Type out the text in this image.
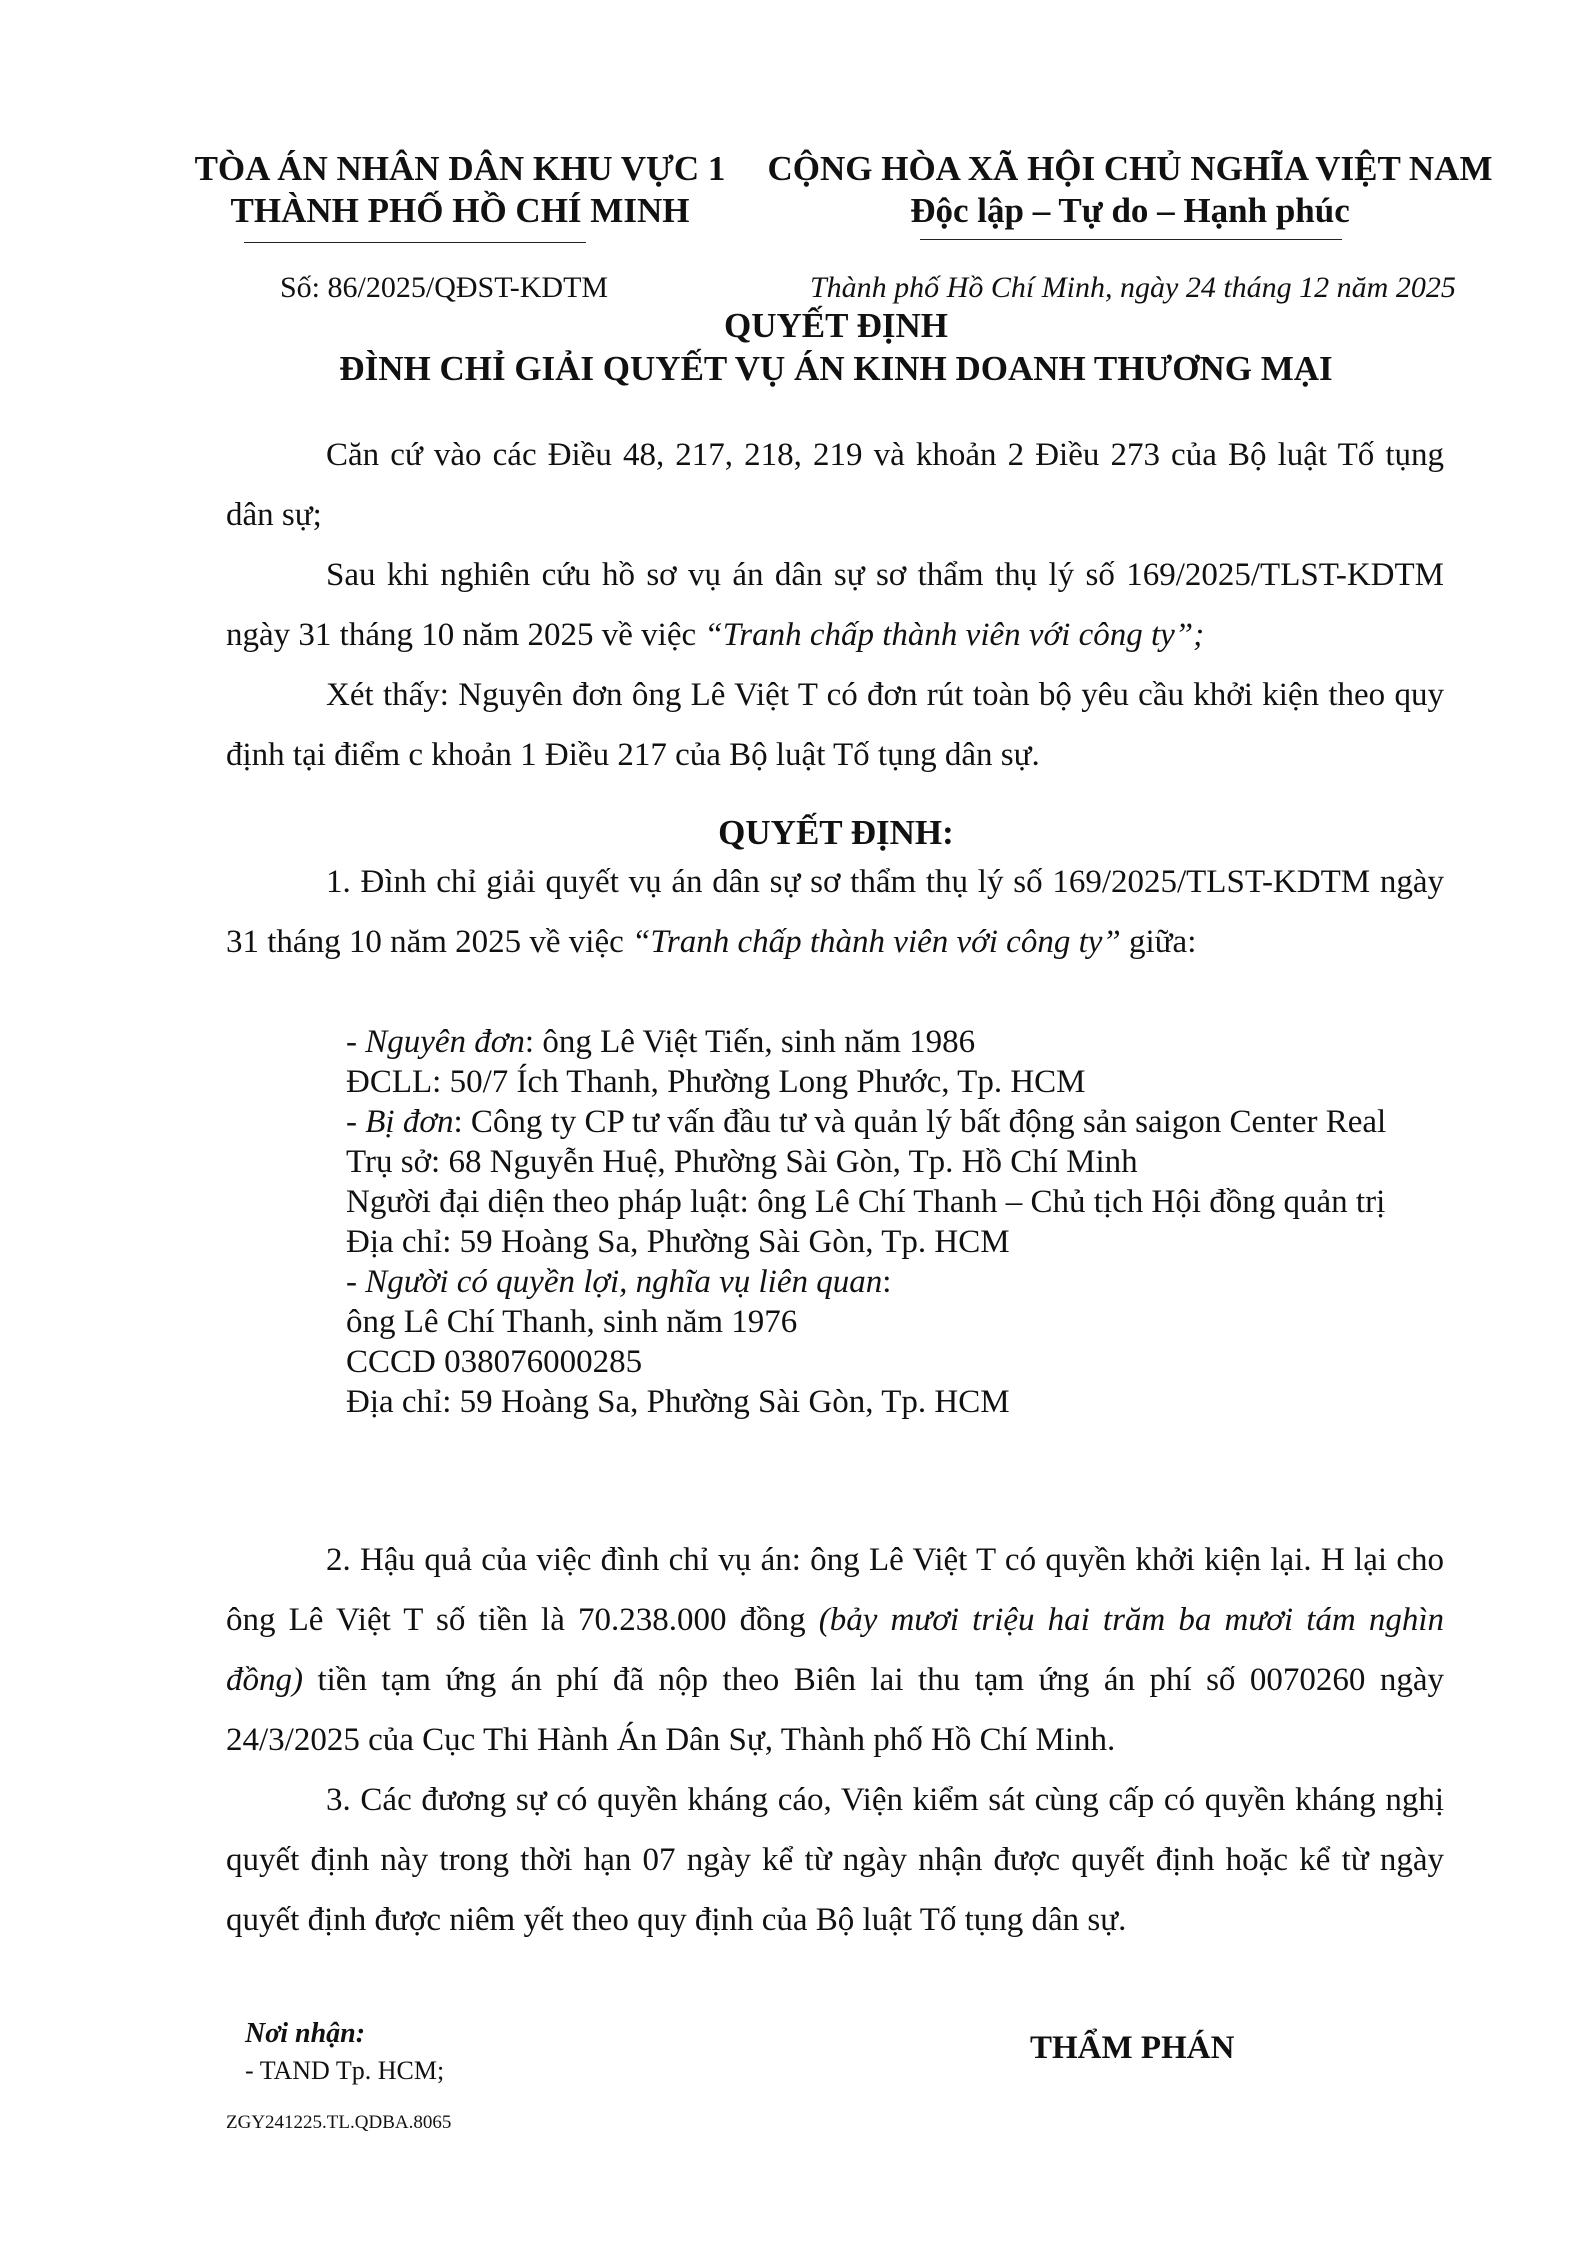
TÒA ÁN NHÂN DÂN KHU VỰC 1
THÀNH PHỐ HỒ CHÍ MINH
CỘNG HÒA XÃ HỘI CHỦ NGHĨA VIỆT NAM
Độc lập – Tự do – Hạnh phúc
Số: 86/2025/QĐST-KDTM	Thành phố Hồ Chí Minh, ngày 24 tháng 12 năm 2025
QUYẾT ĐỊNH
ĐÌNH CHỈ GIẢI QUYẾT VỤ ÁN KINH DOANH THƯƠNG MẠI
Căn cứ vào các Điều 48, 217, 218, 219 và khoản 2 Điều 273 của Bộ luật Tố tụng dân sự;
Sau khi nghiên cứu hồ sơ vụ án dân sự sơ thẩm thụ lý số 169/2025/TLST-KDTM ngày 31 tháng 10 năm 2025 về việc “Tranh chấp thành viên với công ty”;
Xét thấy: Nguyên đơn ông Lê Việt T có đơn rút toàn bộ yêu cầu khởi kiện theo quy định tại điểm c khoản 1 Điều 217 của Bộ luật Tố tụng dân sự.
QUYẾT ĐỊNH:
1. Đình chỉ giải quyết vụ án dân sự sơ thẩm thụ lý số 169/2025/TLST-KDTM ngày 31 tháng 10 năm 2025 về việc “Tranh chấp thành viên với công ty” giữa:
- Nguyên đơn: ông Lê Việt Tiến, sinh năm 1986
ĐCLL: 50/7 Ích Thanh, Phường Long Phước, Tp. HCM
- Bị đơn: Công ty CP tư vấn đầu tư và quản lý bất động sản saigon Center Real
Trụ sở: 68 Nguyễn Huệ, Phường Sài Gòn, Tp. Hồ Chí Minh
Người đại diện theo pháp luật: ông Lê Chí Thanh – Chủ tịch Hội đồng quản trị
Địa chỉ: 59 Hoàng Sa, Phường Sài Gòn, Tp. HCM
- Người có quyền lợi, nghĩa vụ liên quan:
ông Lê Chí Thanh, sinh năm 1976
CCCD 038076000285
Địa chỉ: 59 Hoàng Sa, Phường Sài Gòn, Tp. HCM
2. Hậu quả của việc đình chỉ vụ án: ông Lê Việt T có quyền khởi kiện lại. H lại cho ông Lê Việt T số tiền là 70.238.000 đồng (bảy mươi triệu hai trăm ba mươi tám nghìn đồng) tiền tạm ứng án phí đã nộp theo Biên lai thu tạm ứng án phí số 0070260 ngày 24/3/2025 của Cục Thi Hành Án Dân Sự, Thành phố Hồ Chí Minh.
3. Các đương sự có quyền kháng cáo, Viện kiểm sát cùng cấp có quyền kháng nghị quyết định này trong thời hạn 07 ngày kể từ ngày nhận được quyết định hoặc kể từ ngày quyết định được niêm yết theo quy định của Bộ luật Tố tụng dân sự.
Nơi nhận:
- TAND Tp. HCM;
THẨM PHÁN
ZGY241225.TL.QDBA.8065
